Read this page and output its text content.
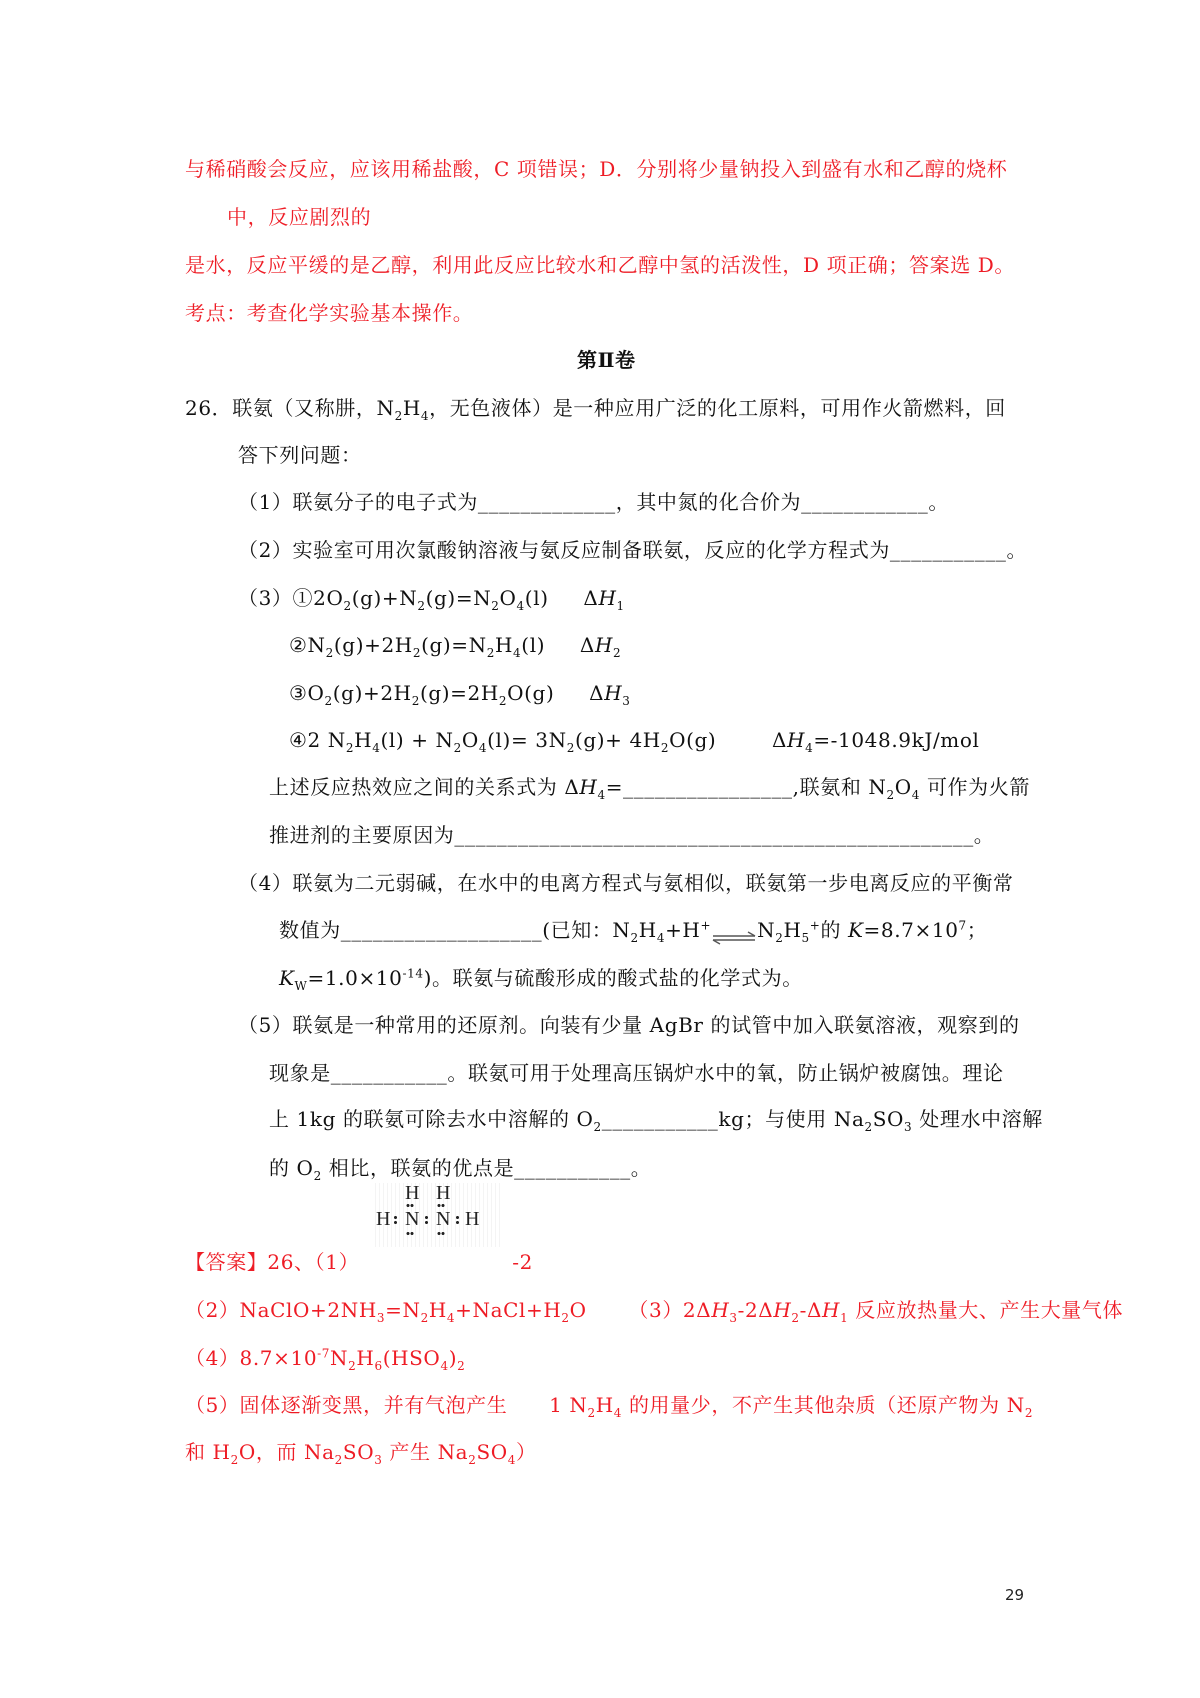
与稀硝酸会反应，应该用稀盐酸，C 项错误；D．分别将少量钠投入到盛有水和乙醇的烧杯
中，反应剧烈的
是水，反应平缓的是乙醇，利用此反应比较水和乙醇中氢的活泼性，D 项正确；答案选 D。
考点：考查化学实验基本操作。
第Ⅱ卷
26．联氨（又称肼，$N_2H_4$，无色液体）是一种应用广泛的化工原料，可用作火箭燃料，回
答下列问题：
（1）联氨分子的电子式为_____________，其中氮的化合价为____________。
（2）实验室可用次氯酸钠溶液与氨反应制备联氨，反应的化学方程式为___________。
$(3)①2O_2(g)+N_2(g)=N_2O_4(l)$     $\Delta H_1$
$②N_2(g)+2H_2(g)=N_2H_4(l)$     $\Delta H_2$
$③O_2(g)+2H_2(g)=2H_2O(g)$     $\Delta H_3$
④2 $N_2H_4(l) + N_2O_4(l)= 3N_2(g)+ 4H_2O(g)$        $\Delta H_4=-1048.9kJ$/mol
上述反应热效应之间的关系式为 $\Delta H_4=\_\_\_\_\_\_\_\_\_\_\_\_\_\_\_\_$,联氨和 $N_2O_4$ 可作为火箭
推进剂的主要原因为_________________________________________________。
（4）联氨为二元弱碱，在水中的电离方程式与氨相似，联氨第一步电离反应的平衡常
数值为___________________(已知：$N_2H_4+H^+\rightleftharpoons N_2H_5^+$的 $K=8.7\times 10^7$；
$K_W=1.0\times 10^{-14}$)。联氨与硫酸形成的酸式盐的化学式为。
（5）联氨是一种常用的还原剂。向装有少量 AgBr 的试管中加入联氨溶液，观察到的
现象是___________。联氨可用于处理高压锅炉水中的氧，防止锅炉被腐蚀。理论
上 1kg 的联氨可除去水中溶解的 $O_2\_\_\_\_\_\_\_\_\_\_\_kg$；与使用 $Na_2SO_3$ 处理水中溶解
的 $O_2$ 相比，联氨的优点是___________。
【答案】26、（1）                      -2
$(2)NaClO+2NH_3=N_2H_4+NaCl+H_2O$      $(3)2\Delta H_3-2\Delta H_2-\Delta H_1$ 反应放热量大、产生大量气体
$(4)8.7\times 10^{-7}N_2H_6(HSO_4)_2$
（5）固体逐渐变黑，并有气泡产生      1 $N_2H_4$ 的用量少，不产生其他杂质（还原产物为 $N_2$
和 $H_2O$，而 $Na_2SO_3$ 产生 $Na_2SO_4$）
H H
H N N H
29
